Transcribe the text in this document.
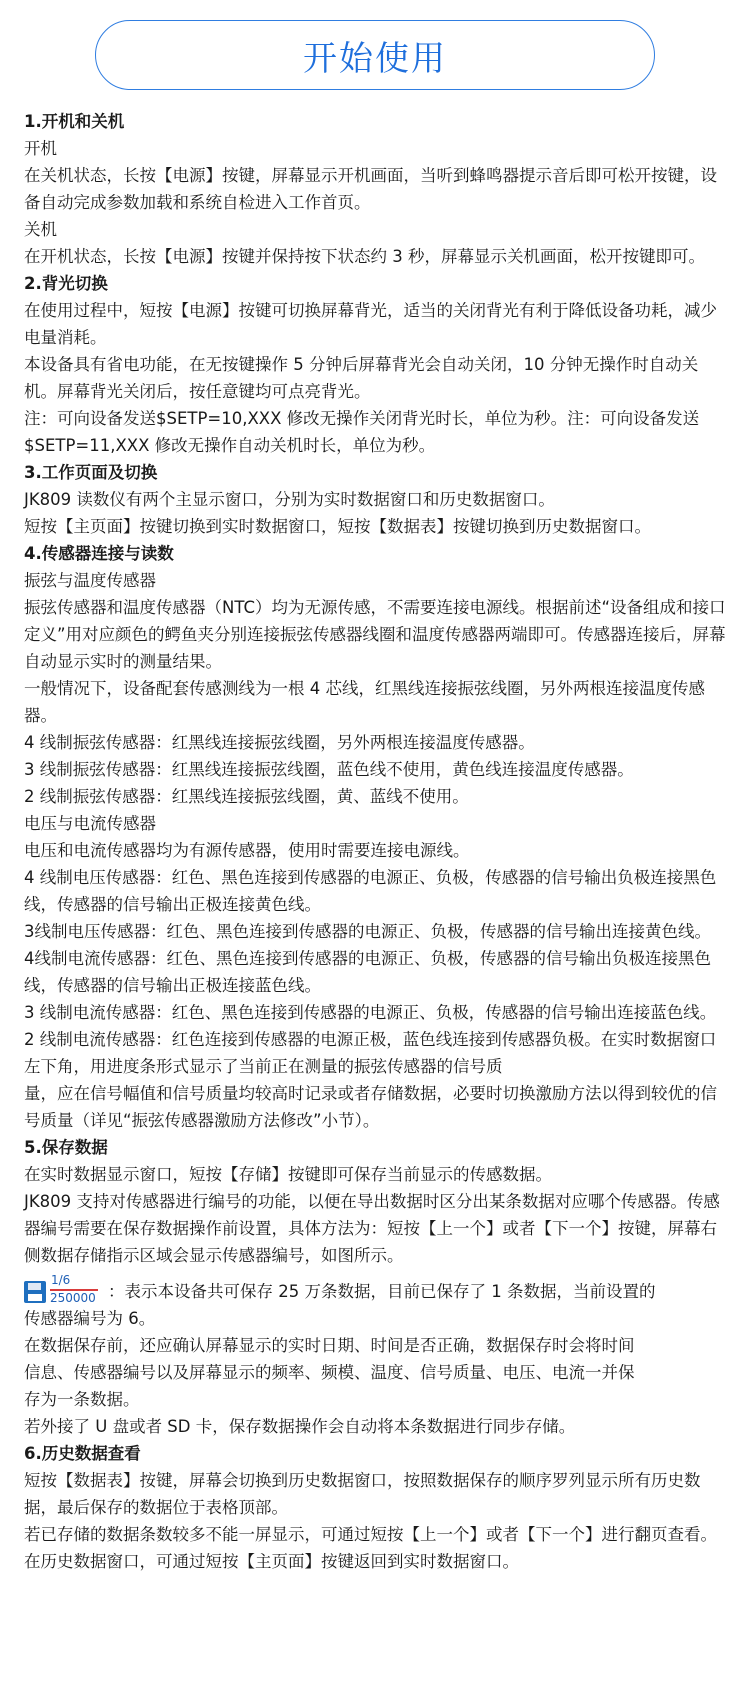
开始使用

1.开机和关机

开机

在关机状态，长按【电源】按键，屏幕显示开机画面，当听到蜂鸣器提示音后即可松开按键，设备自动完成参数加载和系统自检进入工作首页。

关机

在开机状态，长按【电源】按键并保持按下状态约 3 秒，屏幕显示关机画面，松开按键即可。

2.背光切换

在使用过程中，短按【电源】按键可切换屏幕背光，适当的关闭背光有利于降低设备功耗，减少电量消耗。

本设备具有省电功能，在无按键操作 5 分钟后屏幕背光会自动关闭，10 分钟无操作时自动关机。屏幕背光关闭后，按任意键均可点亮背光。

注：可向设备发送$SETP=10,XXX 修改无操作关闭背光时长，单位为秒。注：可向设备发送$SETP=11,XXX 修改无操作自动关机时长，单位为秒。

3.工作页面及切换

JK809 读数仪有两个主显示窗口，分别为实时数据窗口和历史数据窗口。

短按【主页面】按键切换到实时数据窗口，短按【数据表】按键切换到历史数据窗口。

4.传感器连接与读数

振弦与温度传感器

振弦传感器和温度传感器（NTC）均为无源传感，不需要连接电源线。根据前述“设备组成和接口定义”用对应颜色的鳄鱼夹分别连接振弦传感器线圈和温度传感器两端即可。传感器连接后，屏幕自动显示实时的测量结果。

一般情况下，设备配套传感测线为一根 4 芯线，红黑线连接振弦线圈，另外两根连接温度传感器。

4 线制振弦传感器：红黑线连接振弦线圈，另外两根连接温度传感器。

3 线制振弦传感器：红黑线连接振弦线圈，蓝色线不使用，黄色线连接温度传感器。

2 线制振弦传感器：红黑线连接振弦线圈，黄、蓝线不使用。

电压与电流传感器

电压和电流传感器均为有源传感器，使用时需要连接电源线。

4 线制电压传感器：红色、黑色连接到传感器的电源正、负极，传感器的信号输出负极连接黑色线，传感器的信号输出正极连接黄色线。

3线制电压传感器：红色、黑色连接到传感器的电源正、负极，传感器的信号输出连接黄色线。

4线制电流传感器：红色、黑色连接到传感器的电源正、负极，传感器的信号输出负极连接黑色线，传感器的信号输出正极连接蓝色线。

3 线制电流传感器：红色、黑色连接到传感器的电源正、负极，传感器的信号输出连接蓝色线。

2 线制电流传感器：红色连接到传感器的电源正极，蓝色线连接到传感器负极。在实时数据窗口左下角，用进度条形式显示了当前正在测量的振弦传感器的信号质

量，应在信号幅值和信号质量均较高时记录或者存储数据，必要时切换激励方法以得到较优的信号质量（详见“振弦传感器激励方法修改”小节）。

5.保存数据

在实时数据显示窗口，短按【存储】按键即可保存当前显示的传感数据。

JK809 支持对传感器进行编号的功能，以便在导出数据时区分出某条数据对应哪个传感器。传感器编号需要在保存数据操作前设置，具体方法为：短按【上一个】或者【下一个】按键，屏幕右侧数据存储指示区域会显示传感器编号，如图所示。

$\frac{1/6}{250000}$ ：表示本设备共可保存 25 万条数据，目前已保存了 1 条数据，当前设置的

传感器编号为 6。

在数据保存前，还应确认屏幕显示的实时日期、时间是否正确，数据保存时会将时间

信息、传感器编号以及屏幕显示的频率、频模、温度、信号质量、电压、电流一并保

存为一条数据。

若外接了 U 盘或者 SD 卡，保存数据操作会自动将本条数据进行同步存储。

6.历史数据查看

短按【数据表】按键，屏幕会切换到历史数据窗口，按照数据保存的顺序罗列显示所有历史数据，最后保存的数据位于表格顶部。

若已存储的数据条数较多不能一屏显示，可通过短按【上一个】或者【下一个】进行翻页查看。

在历史数据窗口，可通过短按【主页面】按键返回到实时数据窗口。
